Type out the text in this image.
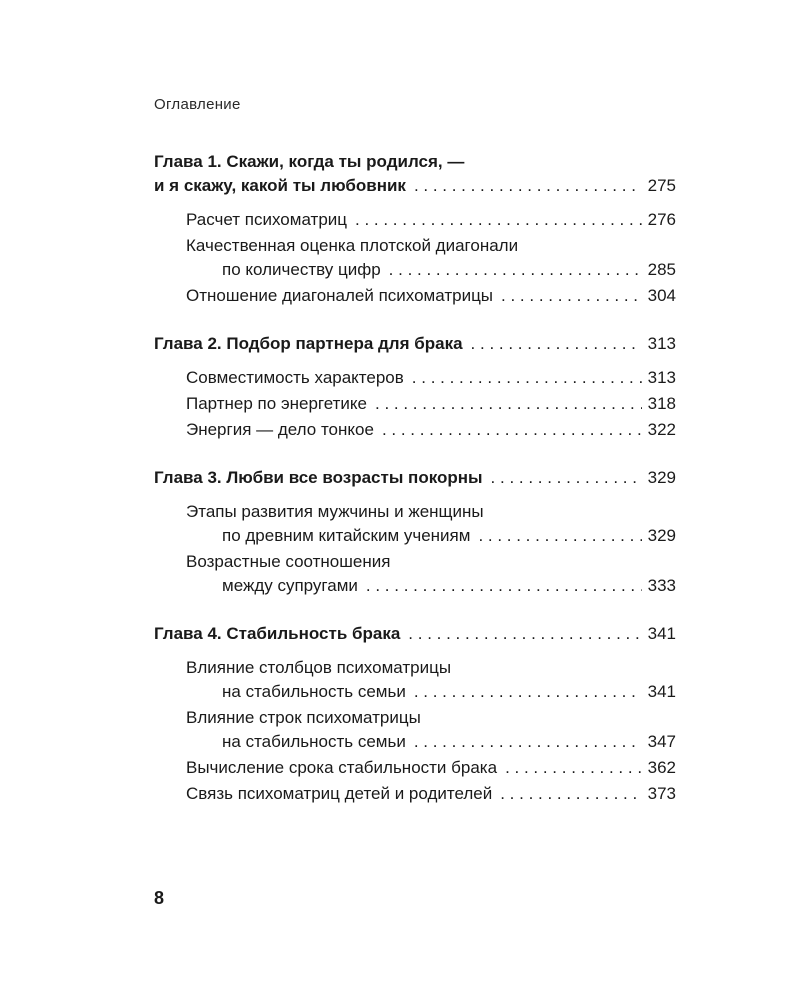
Оглавление
Глава 1. Скажи, когда ты родился, —
и я скажу, какой ты любовник . . .	275
Расчет психоматриц . . .	276
Качественная оценка плотской диагонали
по количеству цифр . . .	285
Отношение диагоналей психоматрицы . . .	304
Глава 2. Подбор партнера для брака . . .	313
Совместимость характеров . . .	313
Партнер по энергетике . . .	318
Энергия — дело тонкое . . .	322
Глава 3. Любви все возрасты покорны . . .	329
Этапы развития мужчины и женщины
по древним китайским учениям . . .	329
Возрастные соотношения
между супругами . . .	333
Глава 4. Стабильность брака . . .	341
Влияние столбцов психоматрицы
на стабильность семьи . . .	341
Влияние строк психоматрицы
на стабильность семьи . . .	347
Вычисление срока стабильности брака . . .	362
Связь психоматриц детей и родителей . . .	373
8
